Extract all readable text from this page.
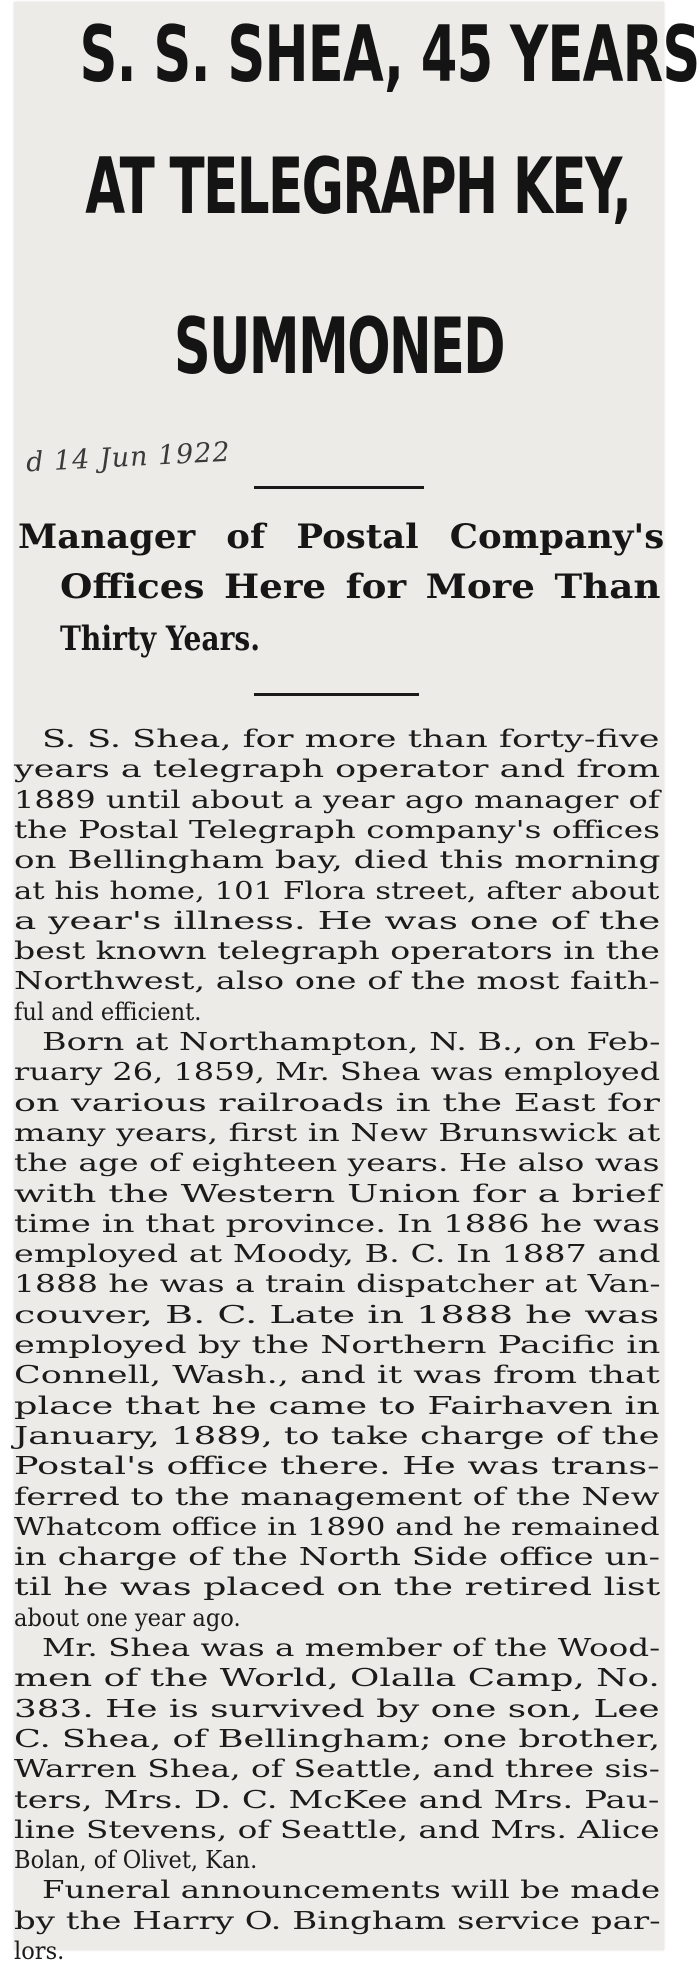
S. S. SHEA, 45 YEARS
AT TELEGRAPH KEY,
SUMMONED
d 14 Jun 1922
Manager of Postal Company's
Offices Here for More Than
Thirty Years.
S. S. Shea, for more than forty-five
years a telegraph operator and from
1889 until about a year ago manager of
the Postal Telegraph company's offices
on Bellingham bay, died this morning
at his home, 101 Flora street, after about
a year's illness. He was one of the
best known telegraph operators in the
Northwest, also one of the most faith-
ful and efficient.
Born at Northampton, N. B., on Feb-
ruary 26, 1859, Mr. Shea was employed
on various railroads in the East for
many years, first in New Brunswick at
the age of eighteen years. He also was
with the Western Union for a brief
time in that province. In 1886 he was
employed at Moody, B. C. In 1887 and
1888 he was a train dispatcher at Van-
couver, B. C. Late in 1888 he was
employed by the Northern Pacific in
Connell, Wash., and it was from that
place that he came to Fairhaven in
January, 1889, to take charge of the
Postal's office there. He was trans-
ferred to the management of the New
Whatcom office in 1890 and he remained
in charge of the North Side office un-
til he was placed on the retired list
about one year ago.
Mr. Shea was a member of the Wood-
men of the World, Olalla Camp, No.
383. He is survived by one son, Lee
C. Shea, of Bellingham; one brother,
Warren Shea, of Seattle, and three sis-
ters, Mrs. D. C. McKee and Mrs. Pau-
line Stevens, of Seattle, and Mrs. Alice
Bolan, of Olivet, Kan.
Funeral announcements will be made
by the Harry O. Bingham service par-
lors.
